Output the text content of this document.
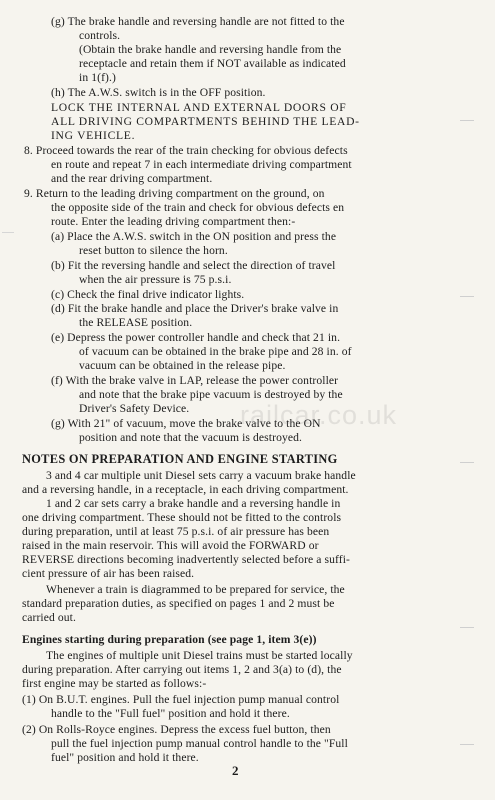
(g) The brake handle and reversing handle are not fitted to the

controls.

(Obtain the brake handle and reversing handle from the

receptacle and retain them if NOT available as indicated

in 1(f).)

(h) The A.W.S. switch is in the OFF position.

LOCK THE INTERNAL AND EXTERNAL DOORS OF

ALL DRIVING COMPARTMENTS BEHIND THE LEAD-

ING VEHICLE.

8. Proceed towards the rear of the train checking for obvious defects

en route and repeat 7 in each intermediate driving compartment

and the rear driving compartment.

9. Return to the leading driving compartment on the ground, on

the opposite side of the train and check for obvious defects en

route. Enter the leading driving compartment then:-

(a) Place the A.W.S. switch in the ON position and press the

reset button to silence the horn.

(b) Fit the reversing handle and select the direction of travel

when the air pressure is 75 p.s.i.

(c) Check the final drive indicator lights.

(d) Fit the brake handle and place the Driver's brake valve in

the RELEASE position.

(e) Depress the power controller handle and check that 21 in.

of vacuum can be obtained in the brake pipe and 28 in. of

vacuum can be obtained in the release pipe.

(f) With the brake valve in LAP, release the power controller

and note that the brake pipe vacuum is destroyed by the

Driver's Safety Device.

(g) With 21" of vacuum, move the brake valve to the ON

position and note that the vacuum is destroyed.

NOTES ON PREPARATION AND ENGINE STARTING

3 and 4 car multiple unit Diesel sets carry a vacuum brake handle

and a reversing handle, in a receptacle, in each driving compartment.

1 and 2 car sets carry a brake handle and a reversing handle in

one driving compartment. These should not be fitted to the controls

during preparation, until at least 75 p.s.i. of air pressure has been

raised in the main reservoir. This will avoid the FORWARD or

REVERSE directions becoming inadvertently selected before a suffi-

cient pressure of air has been raised.

Whenever a train is diagrammed to be prepared for service, the

standard preparation duties, as specified on pages 1 and 2 must be

carried out.

Engines starting during preparation (see page 1, item 3(e))

The engines of multiple unit Diesel trains must be started locally

during preparation. After carrying out items 1, 2 and 3(a) to (d), the

first engine may be started as follows:-

(1) On B.U.T. engines. Pull the fuel injection pump manual control

handle to the "Full fuel" position and hold it there.

(2) On Rolls-Royce engines. Depress the excess fuel button, then

pull the fuel injection pump manual control handle to the "Full

fuel" position and hold it there.

2
railcar.co.uk
